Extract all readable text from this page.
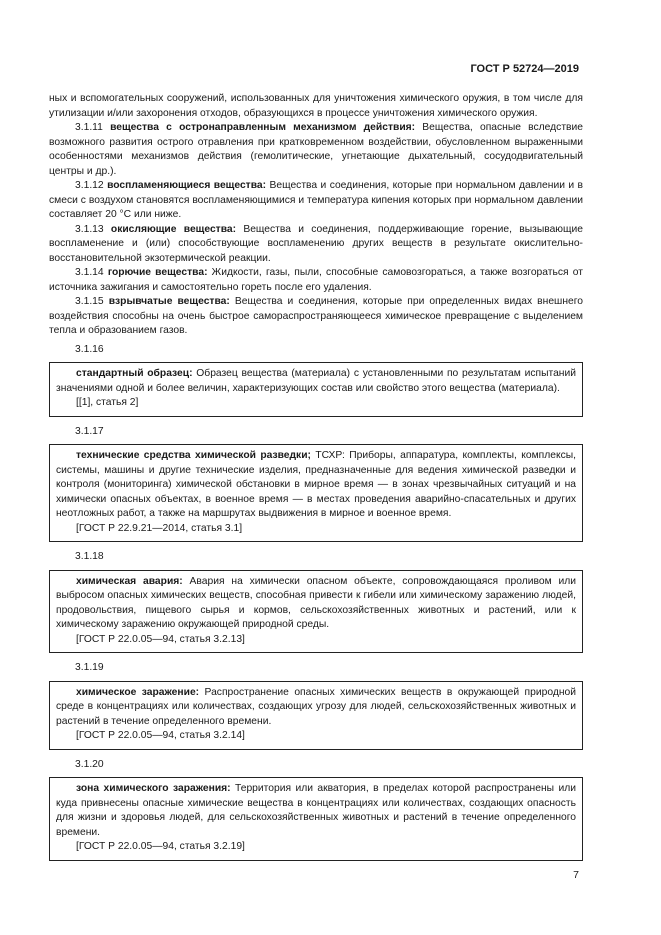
ГОСТ Р 52724—2019

ных и вспомогательных сооружений, использованных для уничтожения химического оружия, в том числе для утилизации и/или захоронения отходов, образующихся в процессе уничтожения химического оружия.

3.1.11 вещества с остронаправленным механизмом действия: Вещества, опасные вследствие возможного развития острого отравления при кратковременном воздействии, обусловленном выраженными особенностями механизмов действия (гемолитические, угнетающие дыхательный, сосудодвигательный центры и др.).

3.1.12 воспламеняющиеся вещества: Вещества и соединения, которые при нормальном давлении и в смеси с воздухом становятся воспламеняющимися и температура кипения которых при нормальном давлении составляет 20 °С или ниже.

3.1.13 окисляющие вещества: Вещества и соединения, поддерживающие горение, вызывающие воспламенение и (или) способствующие воспламенению других веществ в результате окислительно-восстановительной экзотермической реакции.

3.1.14 горючие вещества: Жидкости, газы, пыли, способные самовозгораться, а также возгораться от источника зажигания и самостоятельно гореть после его удаления.

3.1.15 взрывчатые вещества: Вещества и соединения, которые при определенных видах внешнего воздействия способны на очень быстрое самораспространяющееся химическое превращение с выделением тепла и образованием газов.

3.1.16

стандартный образец: Образец вещества (материала) с установленными по результатам испытаний значениями одной и более величин, характеризующих состав или свойство этого вещества (материала).

[[1], статья 2]

3.1.17

технические средства химической разведки; ТСХР: Приборы, аппаратура, комплекты, комплексы, системы, машины и другие технические изделия, предназначенные для ведения химической разведки и контроля (мониторинга) химической обстановки в мирное время — в зонах чрезвычайных ситуаций и на химически опасных объектах, в военное время — в местах проведения аварийно-спасательных и других неотложных работ, а также на маршрутах выдвижения в мирное и военное время.

[ГОСТ Р 22.9.21—2014, статья 3.1]

3.1.18

химическая авария: Авария на химически опасном объекте, сопровождающаяся проливом или выбросом опасных химических веществ, способная привести к гибели или химическому заражению людей, продовольствия, пищевого сырья и кормов, сельскохозяйственных животных и растений, или к химическому заражению окружающей природной среды.

[ГОСТ Р 22.0.05—94, статья 3.2.13]

3.1.19

химическое заражение: Распространение опасных химических веществ в окружающей природной среде в концентрациях или количествах, создающих угрозу для людей, сельскохозяйственных животных и растений в течение определенного времени.

[ГОСТ Р 22.0.05—94, статья 3.2.14]

3.1.20

зона химического заражения: Территория или акватория, в пределах которой распространены или куда привнесены опасные химические вещества в концентрациях или количествах, создающих опасность для жизни и здоровья людей, для сельскохозяйственных животных и растений в течение определенного времени.

[ГОСТ Р 22.0.05—94, статья 3.2.19]

7
